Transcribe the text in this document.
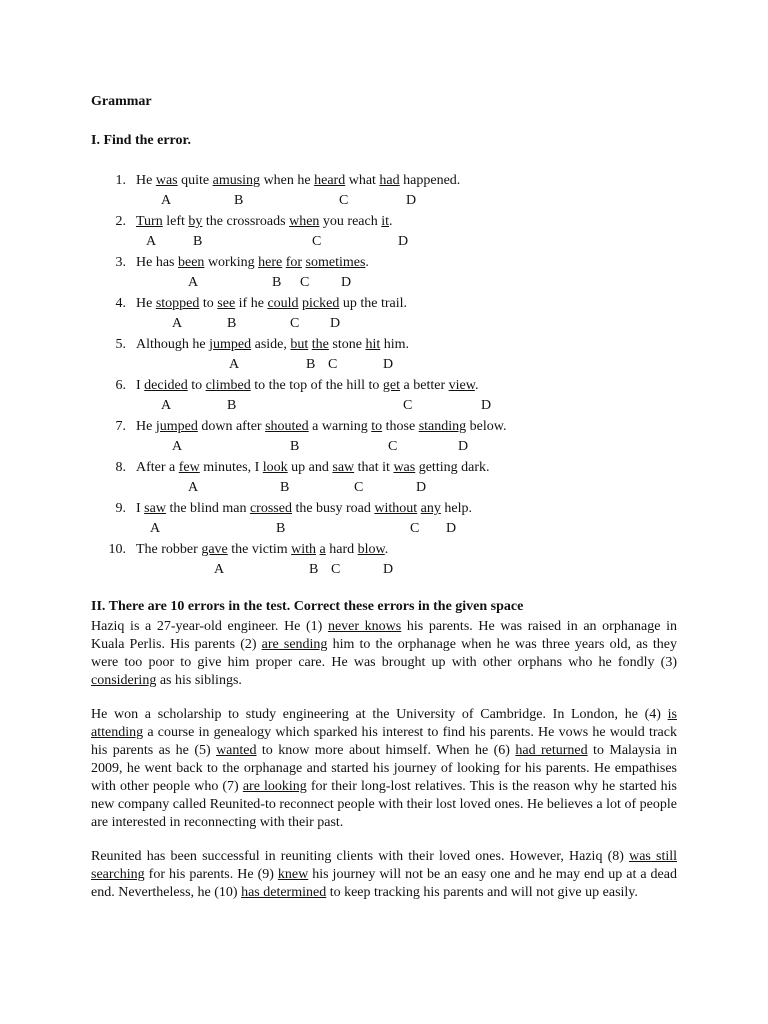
Grammar
I. Find the error.
1. He was quite amusing when he heard what had happened.
A	B	C	D
2. Turn left by the crossroads when you reach it.
A	B	C	D
3. He has been working here for sometimes.
A	B C D
4. He stopped to see if he could picked up the trail.
A	B	C D
5. Although he jumped aside, but the stone hit him.
A	B C	D
6. I decided to climbed to the top of the hill to get a better view.
A	B	C	D
7. He jumped down after shouted a warning to those standing below.
A	B	C	D
8. After a few minutes, I look up and saw that it was getting dark.
A	B	C	D
9. I saw the blind man crossed the busy road without any help.
A	B	C D
10. The robber gave the victim with a hard blow.
A	B C	D
II. There are 10 errors in the test. Correct these errors in the given space

Haziq is a 27-year-old engineer. He (1) never knows his parents. He was raised in an orphanage in Kuala Perlis. His parents (2) are sending him to the orphanage when he was three years old, as they were too poor to give him proper care. He was brought up with other orphans who he fondly (3) considering as his siblings.

He won a scholarship to study engineering at the University of Cambridge. In London, he (4) is attending a course in genealogy which sparked his interest to find his parents. He vows he would track his parents as he (5) wanted to know more about himself. When he (6) had returned to Malaysia in 2009, he went back to the orphanage and started his journey of looking for his parents. He empathises with other people who (7) are looking for their long-lost relatives. This is the reason why he started his new company called Reunited-to reconnect people with their lost loved ones. He believes a lot of people are interested in reconnecting with their past.

Reunited has been successful in reuniting clients with their loved ones. However, Haziq (8) was still searching for his parents. He (9) knew his journey will not be an easy one and he may end up at a dead end. Nevertheless, he (10) has determined to keep tracking his parents and will not give up easily.
